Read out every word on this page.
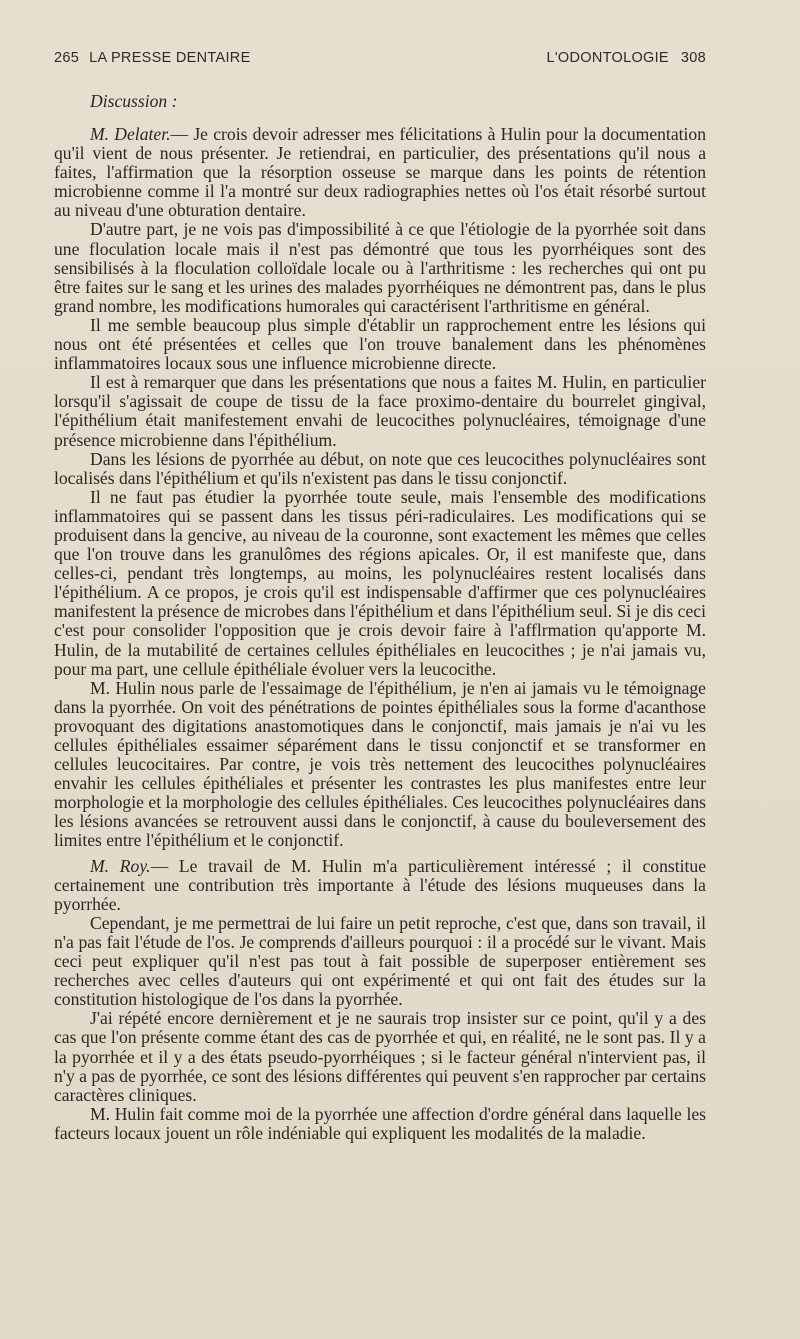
265 LA PRESSE DENTAIRE	L'ODONTOLOGIE 308
Discussion :

M. Delater.— Je crois devoir adresser mes félicitations à Hulin pour la documentation qu'il vient de nous présenter. Je retiendrai, en particulier, des présentations qu'il nous a faites, l'affirmation que la résorption osseuse se marque dans les points de rétention microbienne comme il l'a montré sur deux radiographies nettes où l'os était résorbé surtout au niveau d'une obturation dentaire.

D'autre part, je ne vois pas d'impossibilité à ce que l'étiologie de la pyorrhée soit dans une floculation locale mais il n'est pas démontré que tous les pyorrhéiques sont des sensibilisés à la floculation colloïdale locale ou à l'arthritisme : les recherches qui ont pu être faites sur le sang et les urines des malades pyorrhéiques ne démontrent pas, dans le plus grand nombre, les modifications humorales qui caractérisent l'arthritisme en général.

Il me semble beaucoup plus simple d'établir un rapprochement entre les lésions qui nous ont été présentées et celles que l'on trouve banalement dans les phénomènes inflammatoires locaux sous une influence microbienne directe.

Il est à remarquer que dans les présentations que nous a faites M. Hulin, en particulier lorsqu'il s'agissait de coupe de tissu de la face proximo-dentaire du bourrelet gingival, l'épithélium était manifestement envahi de leucocithes polynucléaires, témoignage d'une présence microbienne dans l'épithélium.

Dans les lésions de pyorrhée au début, on note que ces leucocithes polynucléaires sont localisés dans l'épithélium et qu'ils n'existent pas dans le tissu conjonctif.

Il ne faut pas étudier la pyorrhée toute seule, mais l'ensemble des modifications inflammatoires qui se passent dans les tissus péri-radiculaires. Les modifications qui se produisent dans la gencive, au niveau de la couronne, sont exactement les mêmes que celles que l'on trouve dans les granulômes des régions apicales. Or, il est manifeste que, dans celles-ci, pendant très longtemps, au moins, les polynucléaires restent localisés dans l'épithélium. A ce propos, je crois qu'il est indispensable d'affirmer que ces polynucléaires manifestent la présence de microbes dans l'épithélium et dans l'épithélium seul. Si je dis ceci c'est pour consolider l'opposition que je crois devoir faire à l'afflrmation qu'apporte M. Hulin, de la mutabilité de certaines cellules épithéliales en leucocithes ; je n'ai jamais vu, pour ma part, une cellule épithéliale évoluer vers la leucocithe.

M. Hulin nous parle de l'essaimage de l'épithélium, je n'en ai jamais vu le témoignage dans la pyorrhée. On voit des pénétrations de pointes épithéliales sous la forme d'acanthose provoquant des digitations anastomotiques dans le conjonctif, mais jamais je n'ai vu les cellules épithéliales essaimer séparément dans le tissu conjonctif et se transformer en cellules leucocitaires. Par contre, je vois très nettement des leucocithes polynucléaires envahir les cellules épithéliales et présenter les contrastes les plus manifestes entre leur morphologie et la morphologie des cellules épithéliales. Ces leucocithes polynucléaires dans les lésions avancées se retrouvent aussi dans le conjonctif, à cause du bouleversement des limites entre l'épithélium et le conjonctif.

M. Roy.— Le travail de M. Hulin m'a particulièrement intéressé ; il constitue certainement une contribution très importante à l'étude des lésions muqueuses dans la pyorrhée.

Cependant, je me permettrai de lui faire un petit reproche, c'est que, dans son travail, il n'a pas fait l'étude de l'os. Je comprends d'ailleurs pourquoi : il a procédé sur le vivant. Mais ceci peut expliquer qu'il n'est pas tout à fait possible de superposer entièrement ses recherches avec celles d'auteurs qui ont expérimenté et qui ont fait des études sur la constitution histologique de l'os dans la pyorrhée.

J'ai répété encore dernièrement et je ne saurais trop insister sur ce point, qu'il y a des cas que l'on présente comme étant des cas de pyorrhée et qui, en réalité, ne le sont pas. Il y a la pyorrhée et il y a des états pseudo-pyorrhéiques ; si le facteur général n'intervient pas, il n'y a pas de pyorrhée, ce sont des lésions différentes qui peuvent s'en rapprocher par certains caractères cliniques.

M. Hulin fait comme moi de la pyorrhée une affection d'ordre général dans laquelle les facteurs locaux jouent un rôle indéniable qui expliquent les modalités de la maladie.
